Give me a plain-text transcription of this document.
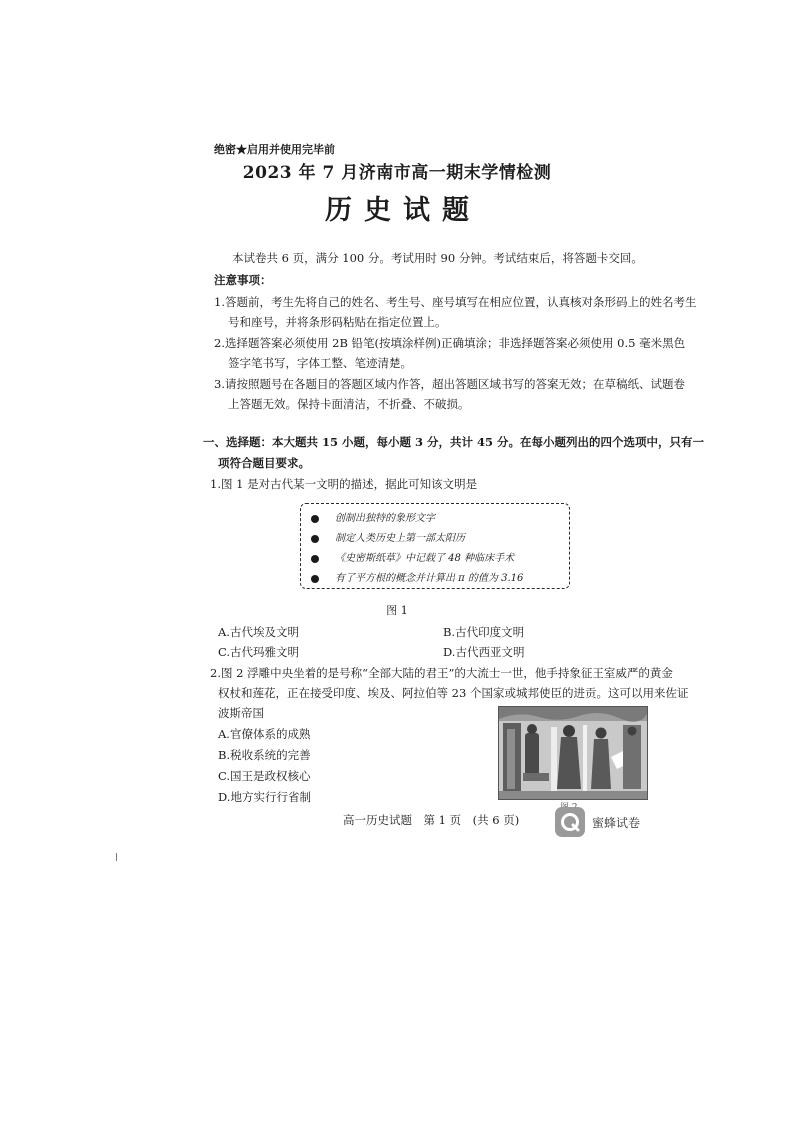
绝密★启用并使用完毕前
2023 年 7 月济南市高一期末学情检测
历史试题
本试卷共 6 页，满分 100 分。考试用时 90 分钟。考试结束后，将答题卡交回。
注意事项：
1.答题前，考生先将自己的姓名、考生号、座号填写在相应位置，认真核对条形码上的姓名考生
号和座号，并将条形码粘贴在指定位置上。
2.选择题答案必须使用 2B 铅笔(按填涂样例)正确填涂；非选择题答案必须使用 0.5 毫米黑色
签字笔书写，字体工整、笔迹清楚。
3.请按照题号在各题目的答题区域内作答，超出答题区域书写的答案无效；在草稿纸、试题卷
上答题无效。保持卡面清洁，不折叠、不破损。
一、选择题：本大题共 15 小题，每小题 3 分，共计 45 分。在每小题列出的四个选项中，只有一
项符合题目要求。
1.图 1 是对古代某一文明的描述，据此可知该文明是
创制出独特的象形文字
制定人类历史上第一部太阳历
《史密斯纸草》中记载了 48 种临床手术
有了平方根的概念并计算出 π 的值为 3.16
图 1
A.古代埃及文明	B.古代印度文明
C.古代玛雅文明	D.古代西亚文明
2.图 2 浮雕中央坐着的是号称“全部大陆的君王”的大流士一世，他手持象征王室威严的黄金
权杖和莲花，正在接受印度、埃及、阿拉伯等 23 个国家或城邦使臣的进贡。这可以用来佐证
波斯帝国
A.官僚体系的成熟
B.税收系统的完善
C.国王是政权核心
D.地方实行行省制
高一历史试题　第 1 页　(共 6 页)	蜜蜂试卷
